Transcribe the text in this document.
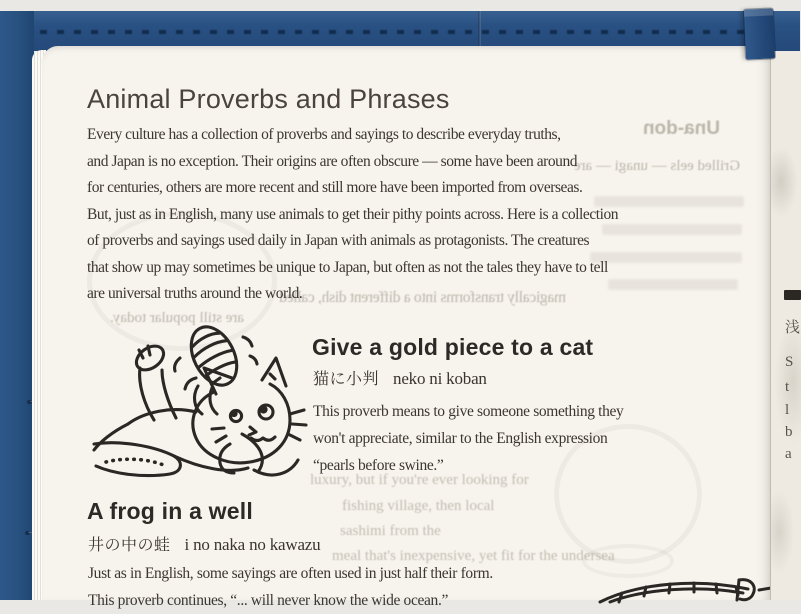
Una-don
Grilled eels — unagi — are
magically transforms into a different dish, called
are still popular today.
luxury, but if you're ever looking for
fishing village, then local
sashimi from the
meal that's inexpensive, yet fit for the undersea
Animal Proverbs and Phrases
Every culture has a collection of proverbs and sayings to describe everyday truths,
and Japan is no exception. Their origins are often obscure — some have been around
for centuries, others are more recent and still more have been imported from overseas.
But, just as in English, many use animals to get their pithy points across. Here is a collection
of proverbs and sayings used daily in Japan with animals as protagonists. The creatures
that show up may sometimes be unique to Japan, but often as not the tales they have to tell
are universal truths around the world.
Give a gold piece to a cat
猫に小判 neko ni koban
This proverb means to give someone something they
won't appreciate, similar to the English expression
“pearls before swine.”
A frog in a well
井の中の蛙 i no naka no kawazu
Just as in English, some sayings are often used in just half their form.
This proverb continues, “... will never know the wide ocean.”
浅
S
t
l
b
a
